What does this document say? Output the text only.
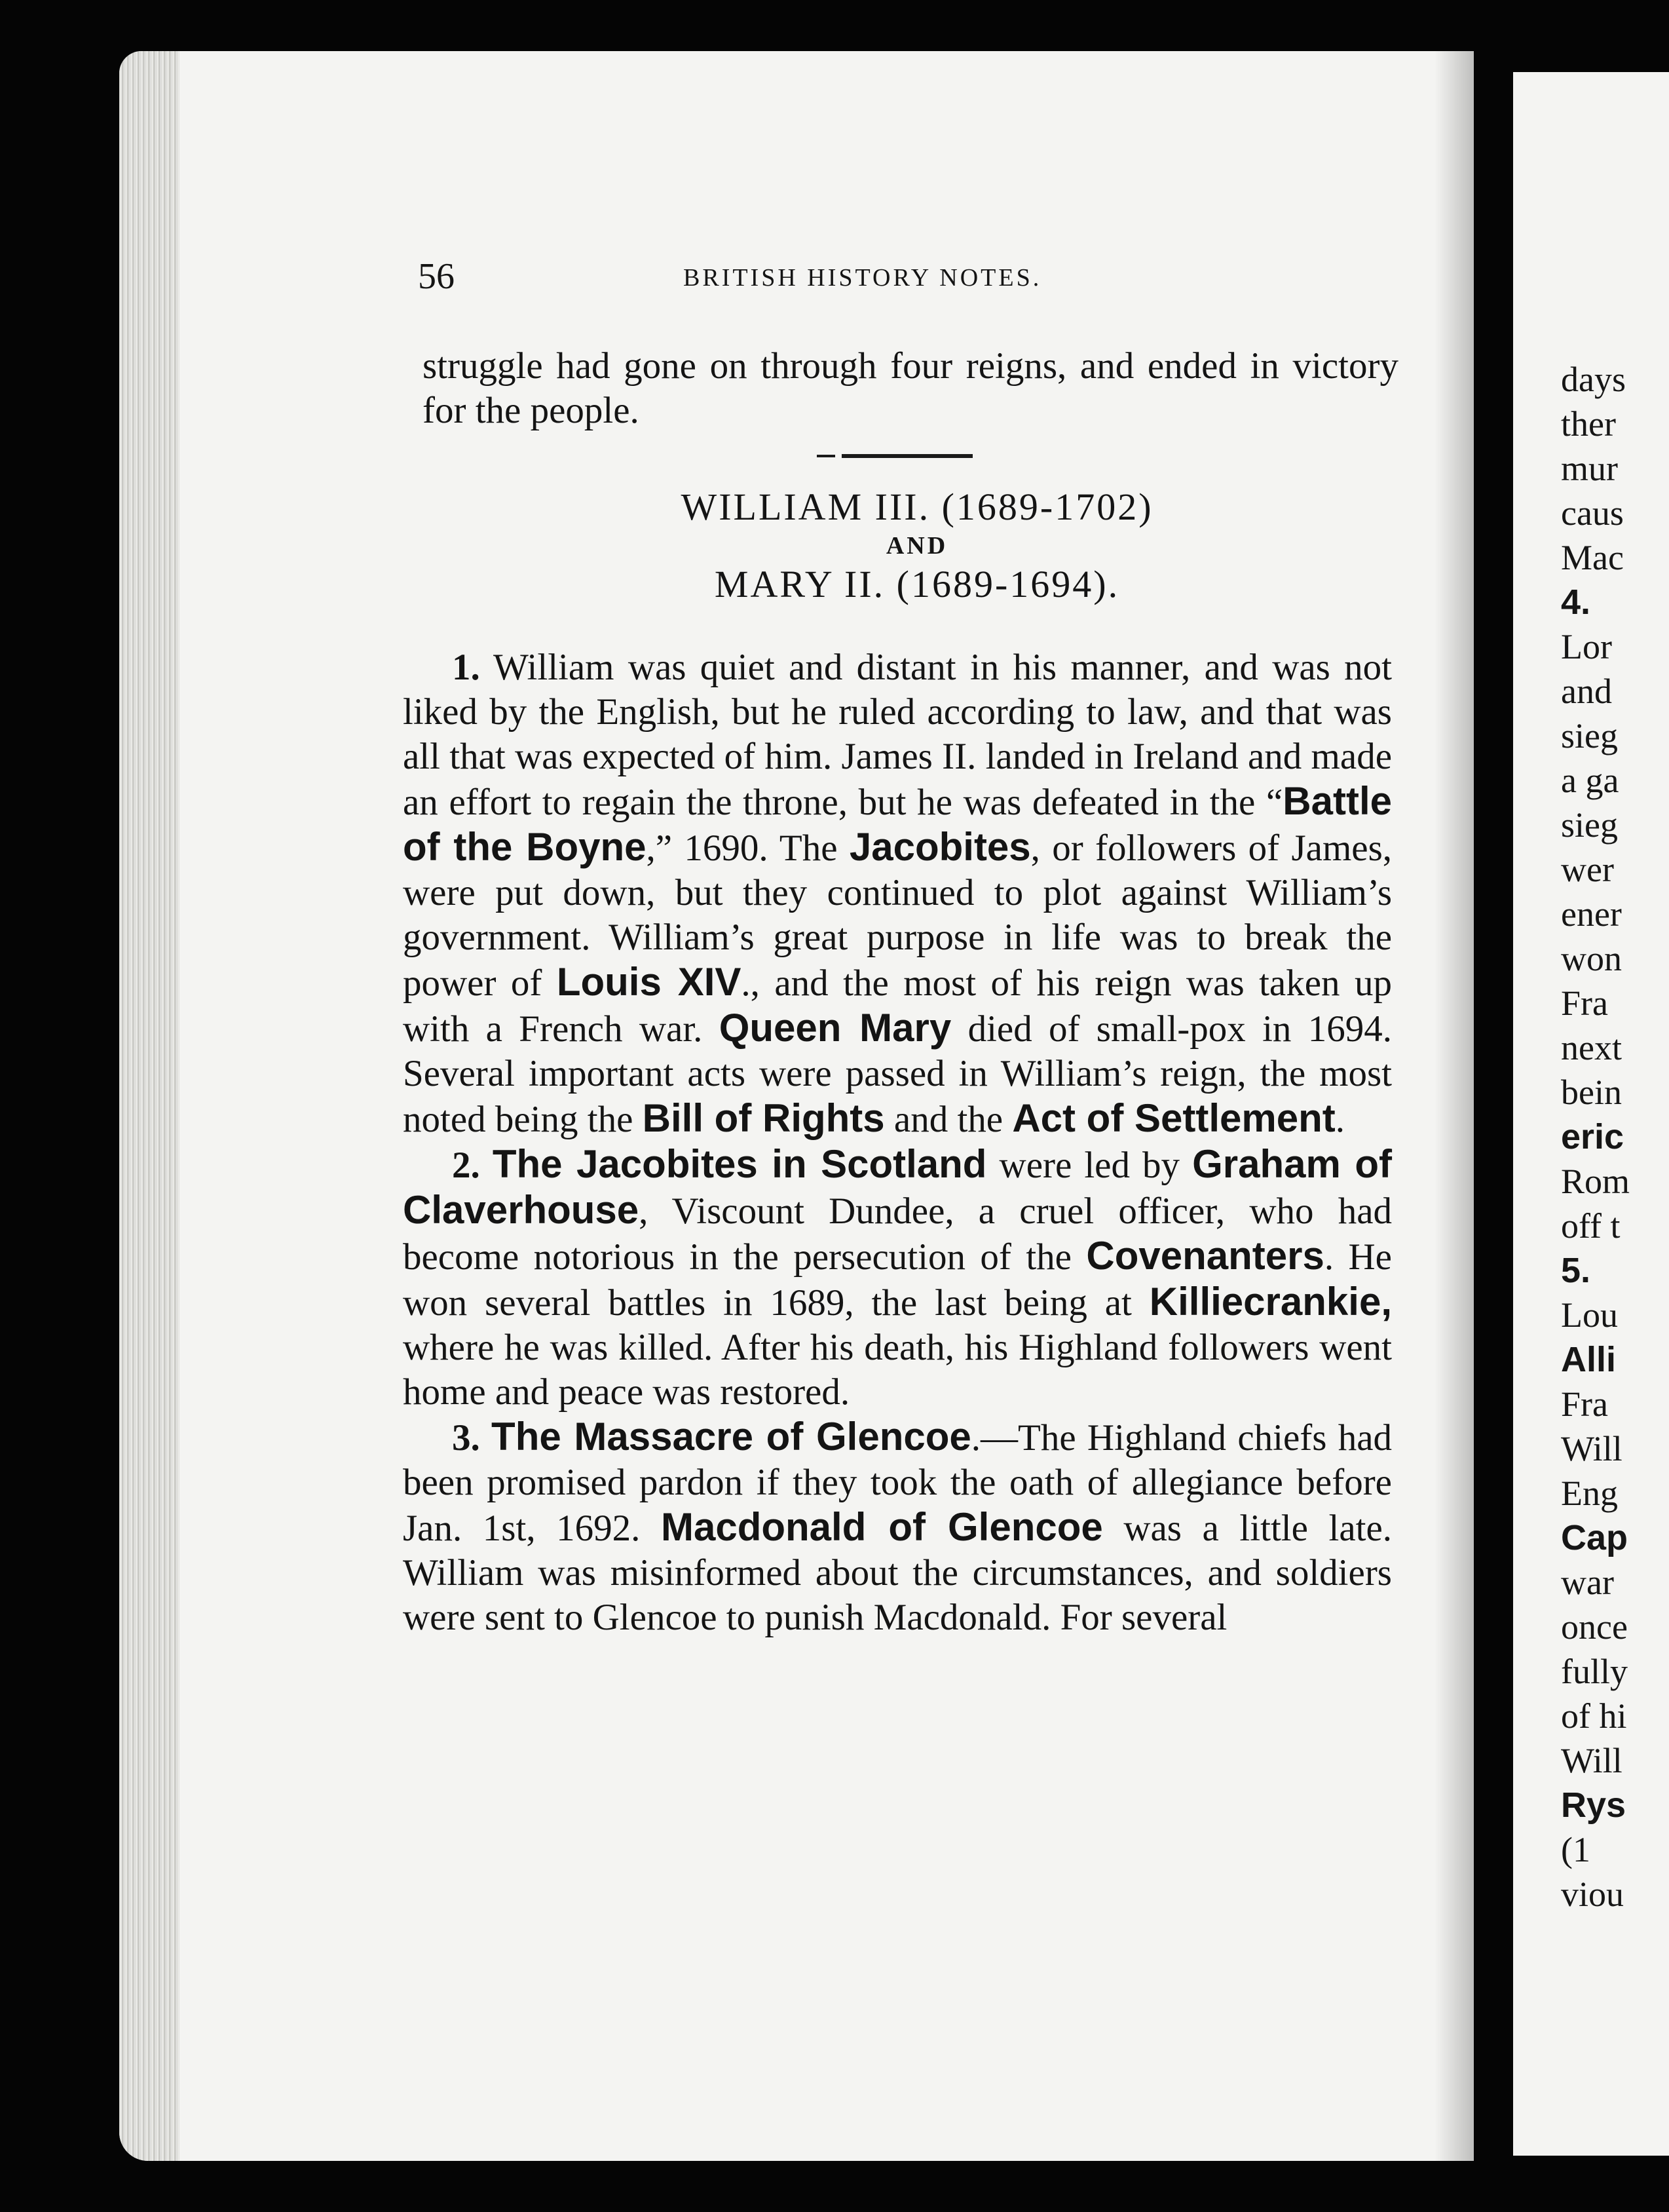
56	BRITISH HISTORY NOTES.

struggle had gone on through four reigns, and ended in victory for the people.

WILLIAM III. (1689-1702)
AND
MARY II. (1689-1694).

1. William was quiet and distant in his manner, and was not liked by the English, but he ruled according to law, and that was all that was expected of him. James II. landed in Ireland and made an effort to regain the throne, but he was defeated in the “Battle of the Boyne,” 1690. The Jacobites, or followers of James, were put down, but they continued to plot against William’s government. William’s great purpose in life was to break the power of Louis XIV., and the most of his reign was taken up with a French war. Queen Mary died of small-pox in 1694. Several important acts were passed in William’s reign, the most noted being the Bill of Rights and the Act of Settlement.

2. The Jacobites in Scotland were led by Graham of Claverhouse, Viscount Dundee, a cruel officer, who had become notorious in the persecution of the Covenanters. He won several battles in 1689, the last being at Killiecrankie, where he was killed. After his death, his Highland followers went home and peace was restored.

3. The Massacre of Glencoe.—The Highland chiefs had been promised pardon if they took the oath of allegiance before Jan. 1st, 1692. Macdonald of Glencoe was a little late. William was misinformed about the circumstances, and soldiers were sent to Glencoe to punish Macdonald. For several

days
ther
mur
caus
Mac
4.
Lor
and
sieg
a ga
sieg
wer
ener
won
Fra
next
bein
eric
Rom
off t
5.
Lou
Alli
Fra
Will
Eng
Cap
war
once
fully
of hi
Will
Rys
(1
viou
